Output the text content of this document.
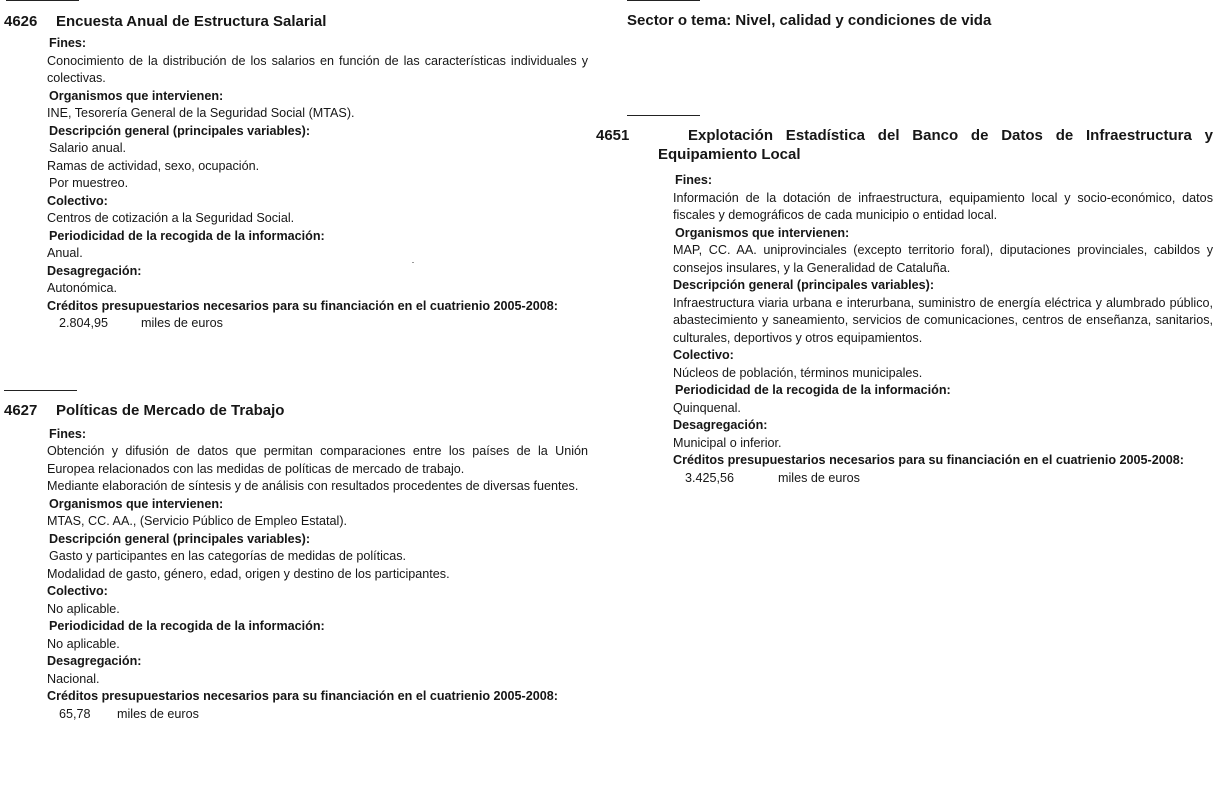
4626 Encuesta Anual de Estructura Salarial
Fines:
Conocimiento de la distribución de los salarios en función de las características individuales y colectivas.
Organismos que intervienen:
INE, Tesorería General de la Seguridad Social (MTAS).
Descripción general (principales variables):
Salario anual.
Ramas de actividad, sexo, ocupación.
Por muestreo.
Colectivo:
Centros de cotización a la Seguridad Social.
Periodicidad de la recogida de la información:
Anual.
Desagregación:
Autonómica.
Créditos presupuestarios necesarios para su financiación en el cuatrienio 2005-2008:
2.804,95	miles de euros
4627 Políticas de Mercado de Trabajo
Fines:
Obtención y difusión de datos que permitan comparaciones entre los países de la Unión Europea relacionados con las medidas de políticas de mercado de trabajo.
Mediante elaboración de síntesis y de análisis con resultados procedentes de diversas fuentes.
Organismos que intervienen:
MTAS, CC. AA., (Servicio Público de Empleo Estatal).
Descripción general (principales variables):
Gasto y participantes en las categorías de medidas de políticas.
Modalidad de gasto, género, edad, origen y destino de los participantes.
Colectivo:
No aplicable.
Periodicidad de la recogida de la información:
No aplicable.
Desagregación:
Nacional.
Créditos presupuestarios necesarios para su financiación en el cuatrienio 2005-2008:
65,78 miles de euros
Sector o tema: Nivel, calidad y condiciones de vida
4651	Explotación Estadística del Banco de Datos de Infraestructura y Equipamiento Local
Fines:
Información de la dotación de infraestructura, equipamiento local y socio-económico, datos fiscales y demográficos de cada municipio o entidad local.
Organismos que intervienen:
MAP, CC. AA. uniprovinciales (excepto territorio foral), diputaciones provinciales, cabildos y consejos insulares, y la Generalidad de Cataluña.
Descripción general (principales variables):
Infraestructura viaria urbana e interurbana, suministro de energía eléctrica y alumbrado público, abastecimiento y saneamiento, servicios de comunicaciones, centros de enseñanza, sanitarios, culturales, deportivos y otros equipamientos.
Colectivo:
Núcleos de población, términos municipales.
Periodicidad de la recogida de la información:
Quinquenal.
Desagregación:
Municipal o inferior.
Créditos presupuestarios necesarios para su financiación en el cuatrienio 2005-2008:
3.425,56	miles de euros
